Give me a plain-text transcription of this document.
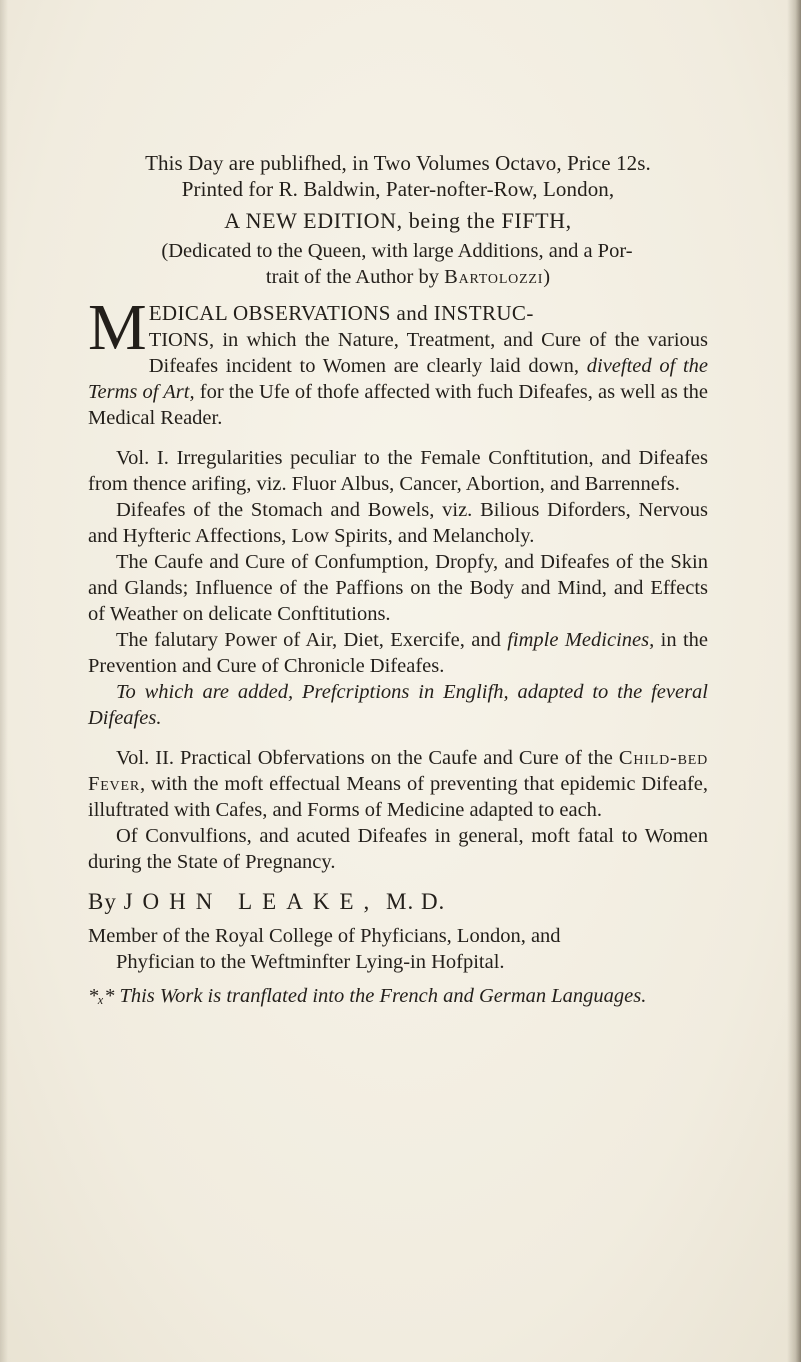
This Day are publifhed, in Two Volumes Octavo, Price 12s.

Printed for R. Baldwin, Pater-nofter-Row, London,

A NEW EDITION, being the FIFTH,

(Dedicated to the Queen, with large Additions, and a Por-
trait of the Author by Bartolozzi)

M EDICAL OBSERVATIONS and INSTRUC-
TIONS, in which the Nature, Treatment, and Cure of the various Difeafes incident to Women are clearly laid down, divefted of the Terms of Art, for the Ufe of thofe affected with fuch Difeafes, as well as the Medical Reader.

Vol. I. Irregularities peculiar to the Female Conftitution, and Difeafes from thence arifing, viz. Fluor Albus, Cancer, Abortion, and Barrennefs.

Difeafes of the Stomach and Bowels, viz. Bilious Diforders, Nervous and Hyfteric Affections, Low Spirits, and Melancholy.

The Caufe and Cure of Confumption, Dropfy, and Difeafes of the Skin and Glands; Influence of the Paffions on the Body and Mind, and Effects of Weather on delicate Conftitutions.

The falutary Power of Air, Diet, Exercife, and fimple Medicines, in the Prevention and Cure of Chronicle Difeafes.

To which are added, Prefcriptions in Englifh, adapted to the feveral Difeafes.

Vol. II. Practical Obfervations on the Caufe and Cure of the Child-bed Fever, with the moft effectual Means of preventing that epidemic Difeafe, illuftrated with Cafes, and Forms of Medicine adapted to each.

Of Convulfions, and acuted Difeafes in general, moft fatal to Women during the State of Pregnancy.

By JOHN LEAKE, M. D.

Member of the Royal College of Phyficians, London, and

Phyfician to the Weftminfter Lying-in Hofpital.

*ₓ* This Work is tranflated into the French and German Languages.
